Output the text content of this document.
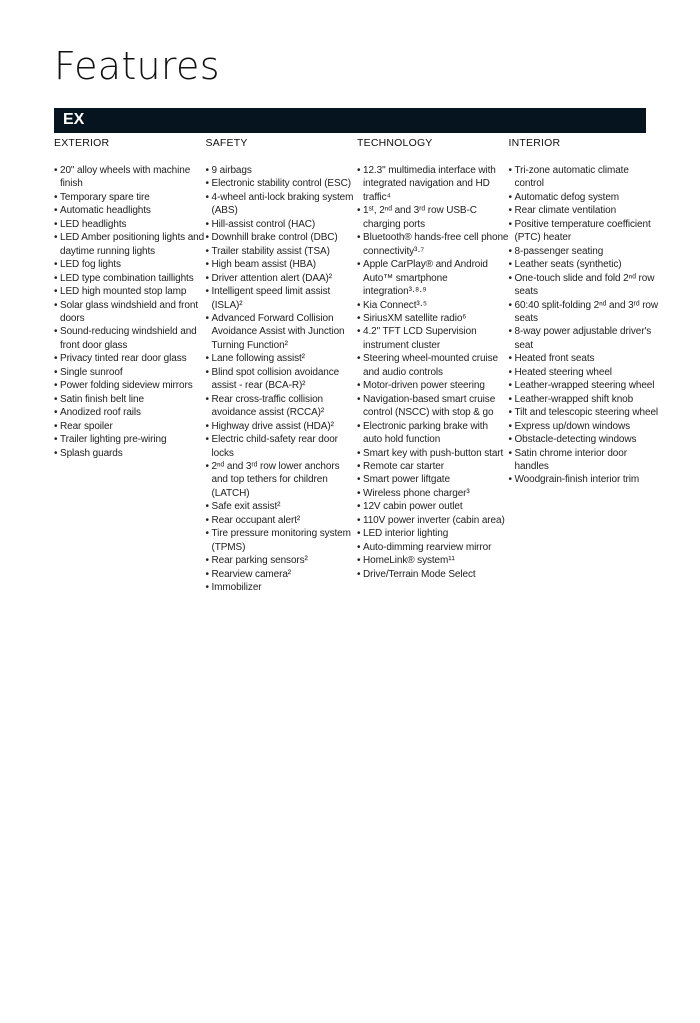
Features
EX
EXTERIOR
• 20" alloy wheels with machine finish
• Temporary spare tire
• Automatic headlights
• LED headlights
• LED Amber positioning lights and daytime running lights
• LED fog lights
• LED type combination taillights
• LED high mounted stop lamp
• Solar glass windshield and front doors
• Sound-reducing windshield and front door glass
• Privacy tinted rear door glass
• Single sunroof
• Power folding sideview mirrors
• Satin finish belt line
• Anodized roof rails
• Rear spoiler
• Trailer lighting pre-wiring
• Splash guards
SAFETY
• 9 airbags
• Electronic stability control (ESC)
• 4-wheel anti-lock braking system (ABS)
• Hill-assist control (HAC)
• Downhill brake control (DBC)
• Trailer stability assist (TSA)
• High beam assist (HBA)
• Driver attention alert (DAA)²
• Intelligent speed limit assist (ISLA)²
• Advanced Forward Collision Avoidance Assist with Junction Turning Function²
• Lane following assist²
• Blind spot collision avoidance assist - rear (BCA-R)²
• Rear cross-traffic collision avoidance assist (RCCA)²
• Highway drive assist (HDA)²
• Electric child-safety rear door locks
• 2ⁿᵈ and 3ʳᵈ row lower anchors and top tethers for children (LATCH)
• Safe exit assist²
• Rear occupant alert²
• Tire pressure monitoring system (TPMS)
• Rear parking sensors²
• Rearview camera²
• Immobilizer
TECHNOLOGY
• 12.3" multimedia interface with integrated navigation and HD traffic⁴
• 1ˢᵗ, 2ⁿᵈ and 3ʳᵈ row USB-C charging ports
• Bluetooth® hands-free cell phone connectivity³·⁷
• Apple CarPlay® and Android Auto™ smartphone integration³·⁸·⁹
• Kia Connect³·⁵
• SiriusXM satellite radio⁶
• 4.2" TFT LCD Supervision instrument cluster
• Steering wheel-mounted cruise and audio controls
• Motor-driven power steering
• Navigation-based smart cruise control (NSCC) with stop & go
• Electronic parking brake with auto hold function
• Smart key with push-button start
• Remote car starter
• Smart power liftgate
• Wireless phone charger³
• 12V cabin power outlet
• 110V power inverter (cabin area)
• LED interior lighting
• Auto-dimming rearview mirror
• HomeLink® system¹¹
• Drive/Terrain Mode Select
INTERIOR
• Tri-zone automatic climate control
• Automatic defog system
• Rear climate ventilation
• Positive temperature coefficient (PTC) heater
• 8-passenger seating
• Leather seats (synthetic)
• One-touch slide and fold 2ⁿᵈ row seats
• 60:40 split-folding 2ⁿᵈ and 3ʳᵈ row seats
• 8-way power adjustable driver's seat
• Heated front seats
• Heated steering wheel
• Leather-wrapped steering wheel
• Leather-wrapped shift knob
• Tilt and telescopic steering wheel
• Express up/down windows
• Obstacle-detecting windows
• Satin chrome interior door handles
• Woodgrain-finish interior trim
